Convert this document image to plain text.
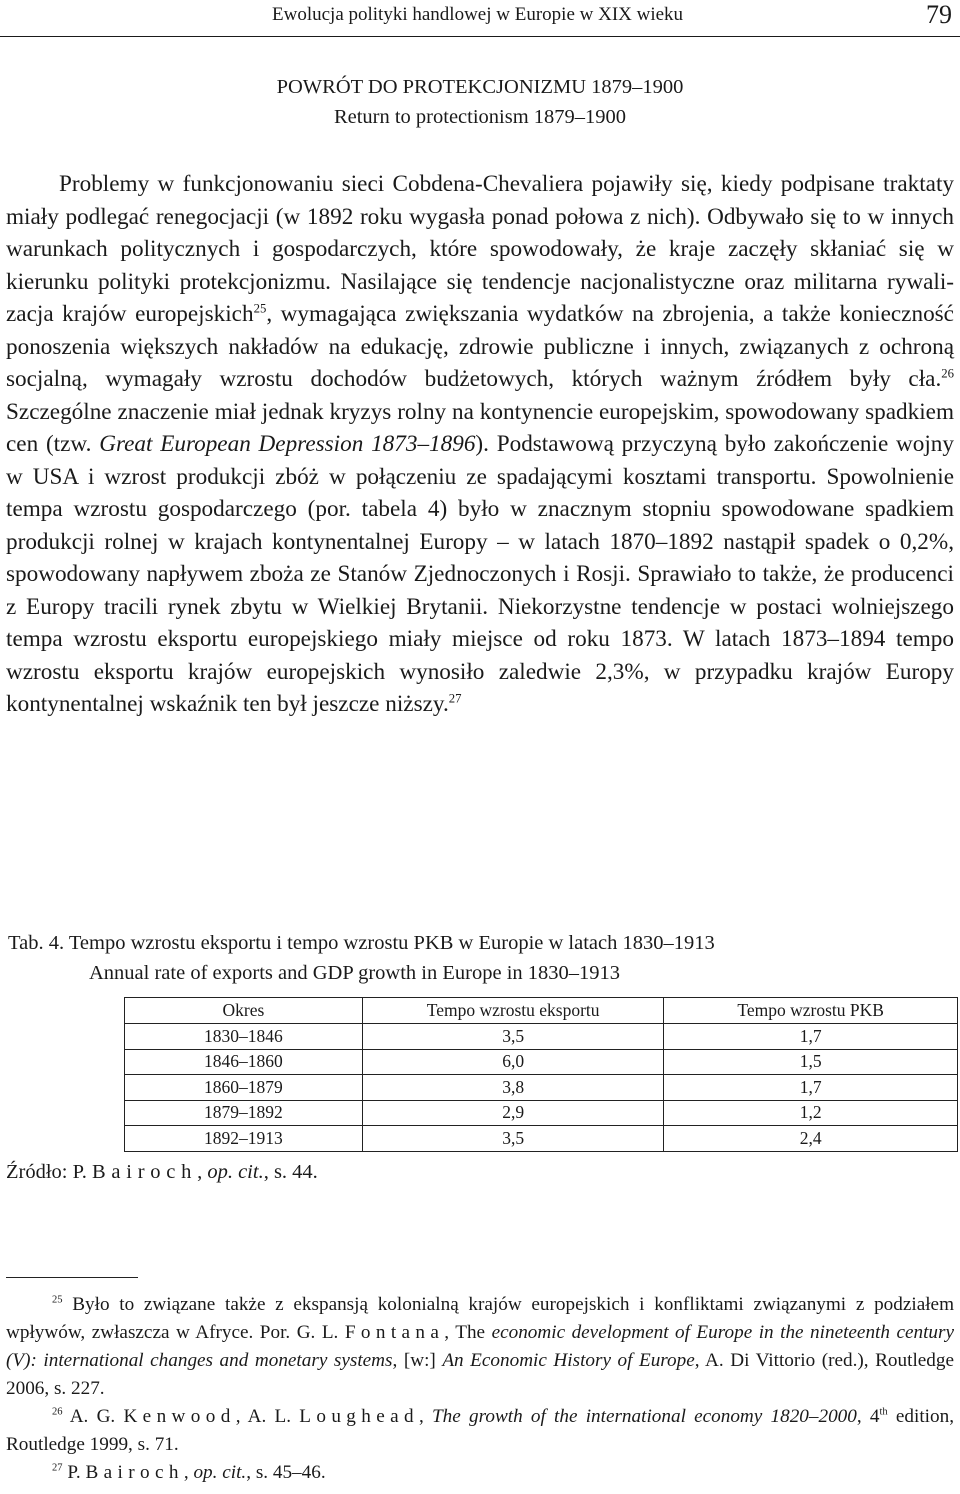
Ewolucja polityki handlowej w Europie w XIX wieku	79
POWRÓT DO PROTEKCJONIZMU 1879–1900
Return to protectionism 1879–1900

Problemy w funkcjonowaniu sieci Cobdena-Chevaliera pojawiły się, kiedy podpisane traktaty miały podlegać renegocjacji (w 1892 roku wygasła ponad połowa z nich). Odbywało się to w innych warunkach politycznych i gospodarczych, które spowodowały, że kraje zaczęły skłaniać się w kierunku polityki protekcjonizmu. Nasilające się tendencje nacjonalistyczne oraz militarna rywalizacja krajów europejskich$^{25}$, wymagająca zwiększania wydatków na zbrojenia, a także konieczność ponoszenia większych nakładów na edukację, zdrowie publiczne i innych, związanych z ochroną socjalną, wymagały wzrostu dochodów budżetowych, których ważnym źródłem były cła.$^{26}$ Szczególne znaczenie miał jednak kryzys rolny na kontynencie europejskim, spowodowany spadkiem cen (tzw. Great European Depression 1873–1896). Podstawową przyczyną było zakończenie wojny w USA i wzrost produkcji zbóż w połączeniu ze spadającymi kosztami transportu. Spowolnienie tempa wzrostu gospodarczego (por. tabela 4) było w znacznym stopniu spowodowane spadkiem produkcji rolnej w krajach kontynentalnej Europy – w latach 1870–1892 nastąpił spadek o 0,2%, spowodowany napływem zboża ze Stanów Zjednoczonych i Rosji. Sprawiało to także, że producenci z Europy tracili rynek zbytu w Wielkiej Brytanii. Niekorzystne tendencje w postaci wolniejszego tempa wzrostu eksportu europejskiego miały miejsce od roku 1873. W latach 1873–1894 tempo wzrostu eksportu krajów europejskich wynosiło zaledwie 2,3%, w przypadku krajów Europy kontynentalnej wskaźnik ten był jeszcze niższy.$^{27}$

Tab. 4. Tempo wzrostu eksportu i tempo wzrostu PKB w Europie w latach 1830–1913
Annual rate of exports and GDP growth in Europe in 1830–1913
Okres	Tempo wzrostu eksportu	Tempo wzrostu PKB
1830–1846	3,5	1,7
1846–1860	6,0	1,5
1860–1879	3,8	1,7
1879–1892	2,9	1,2
1892–1913	3,5	2,4
Źródło: P. Bairoch, op. cit., s. 44.

$^{25}$ Było to związane także z ekspansją kolonialną krajów europejskich i konfliktami związanymi z podziałem wpływów, zwłaszcza w Afryce. Por. G. L. Fontana, The economic development of Europe in the nineteenth century (V): international changes and monetary systems, [w:] An Economic History of Europe, A. Di Vittorio (red.), Routledge 2006, s. 227.

$^{26}$ A. G. Kenwood, A. L. Loughead, The growth of the international economy 1820–2000, 4th edition, Routledge 1999, s. 71.

$^{27}$ P. Bairoch, op. cit., s. 45–46.
